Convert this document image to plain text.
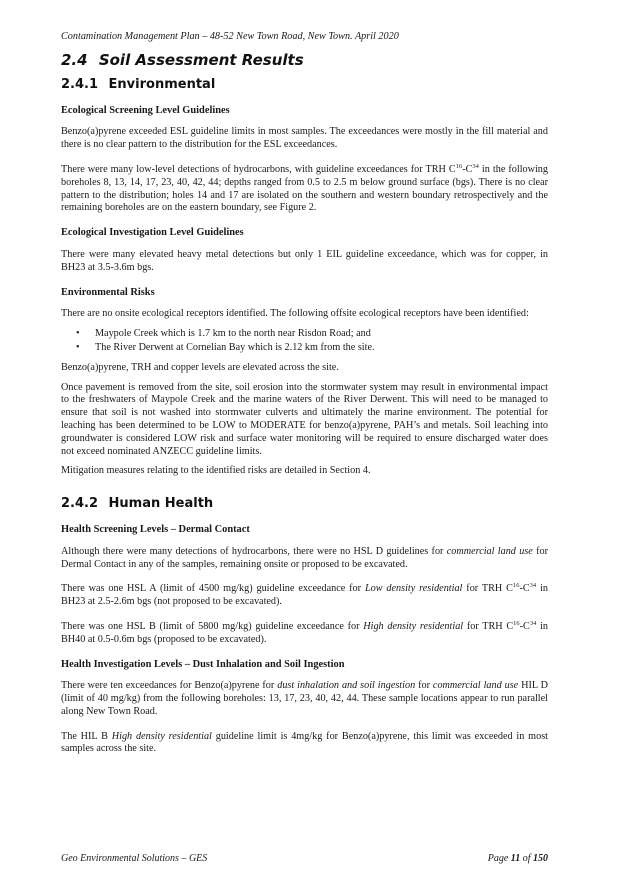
Contamination Management Plan – 48-52 New Town Road, New Town. April 2020
2.4 Soil Assessment Results
2.4.1 Environmental
Ecological Screening Level Guidelines

Benzo(a)pyrene exceeded ESL guideline limits in most samples. The exceedances were mostly in the fill material and there is no clear pattern to the distribution for the ESL exceedances.

There were many low-level detections of hydrocarbons, with guideline exceedances for TRH $C^{16}-C^{34}$ in the following boreholes 8, 13, 14, 17, 23, 40, 42, 44; depths ranged from 0.5 to 2.5 m below ground surface (bgs). There is no clear pattern to the distribution; holes 14 and 17 are isolated on the southern and western boundary retrospectively and the remaining boreholes are on the eastern boundary, see Figure 2.

Ecological Investigation Level Guidelines

There were many elevated heavy metal detections but only 1 EIL guideline exceedance, which was for copper, in BH23 at 3.5-3.6m bgs.

Environmental Risks

There are no onsite ecological receptors identified. The following offsite ecological receptors have been identified:

• Maypole Creek which is 1.7 km to the north near Risdon Road; and
• The River Derwent at Cornelian Bay which is 2.12 km from the site.

Benzo(a)pyrene, TRH and copper levels are elevated across the site.

Once pavement is removed from the site, soil erosion into the stormwater system may result in environmental impact to the freshwaters of Maypole Creek and the marine waters of the River Derwent. This will need to be managed to ensure that soil is not washed into stormwater culverts and ultimately the marine environment. The potential for leaching has been determined to be LOW to MODERATE for benzo(a)pyrene, PAH’s and metals. Soil leaching into groundwater is considered LOW risk and surface water monitoring will be required to ensure discharged water does not exceed nominated ANZECC guideline limits.

Mitigation measures relating to the identified risks are detailed in Section 4.

2.4.2 Human Health
Health Screening Levels – Dermal Contact

Although there were many detections of hydrocarbons, there were no HSL D guidelines for commercial land use for Dermal Contact in any of the samples, remaining onsite or proposed to be excavated.

There was one HSL A (limit of 4500 mg/kg) guideline exceedance for Low density residential for TRH $C^{16}-C^{34}$ in BH23 at 2.5-2.6m bgs (not proposed to be excavated).

There was one HSL B (limit of 5800 mg/kg) guideline exceedance for High density residential for TRH $C^{16}-C^{34}$ in BH40 at 0.5-0.6m bgs (proposed to be excavated).

Health Investigation Levels – Dust Inhalation and Soil Ingestion

There were ten exceedances for Benzo(a)pyrene for dust inhalation and soil ingestion for commercial land use HIL D (limit of 40 mg/kg) from the following boreholes: 13, 17, 23, 40, 42, 44. These sample locations appear to run parallel along New Town Road.

The HIL B High density residential guideline limit is 4mg/kg for Benzo(a)pyrene, this limit was exceeded in most samples across the site.

Geo Environmental Solutions – GES	Page 11 of 150
